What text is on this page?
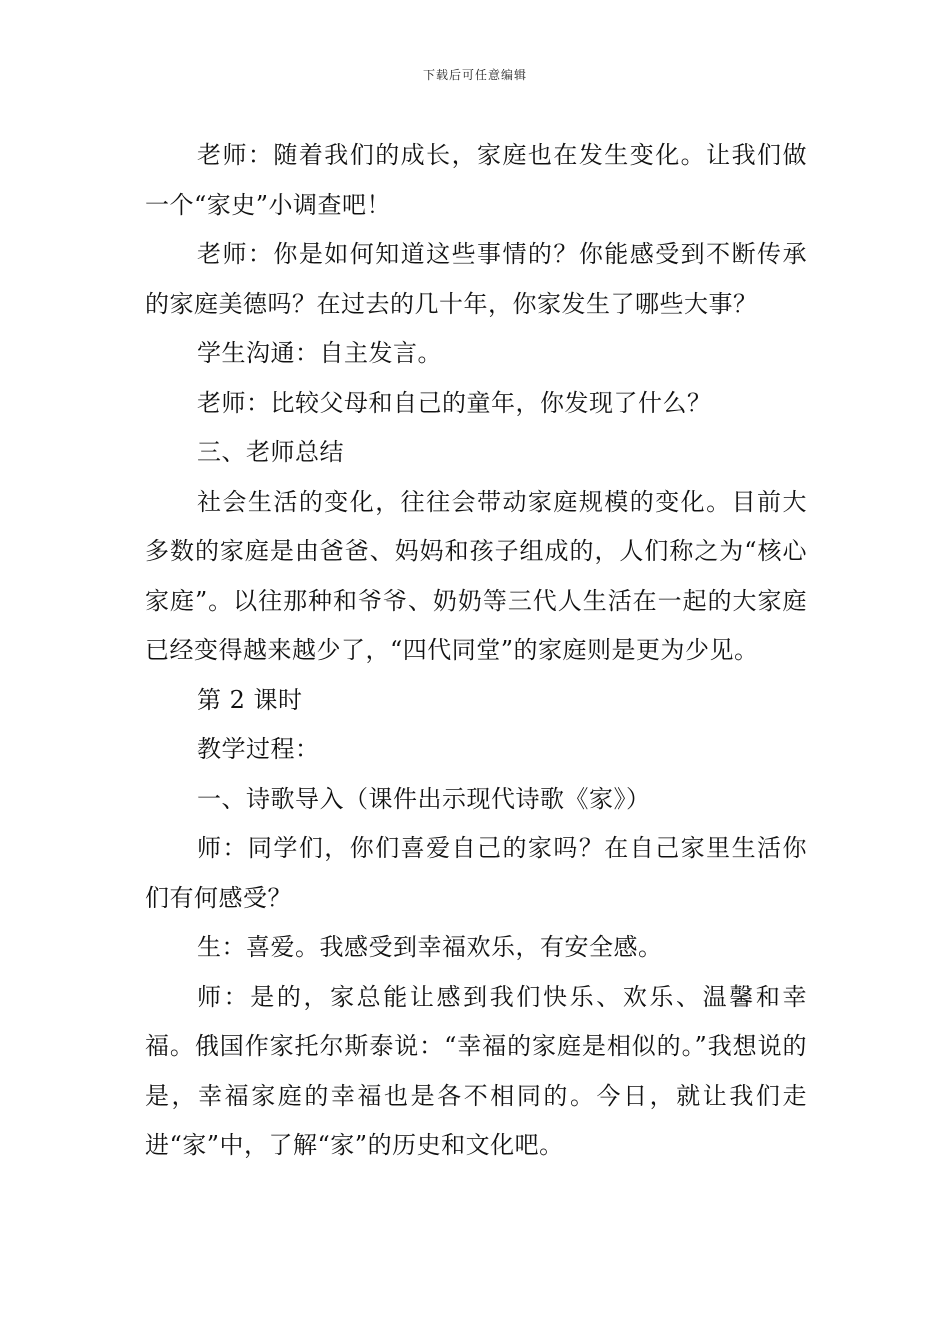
下载后可任意编辑

老师：随着我们的成长，家庭也在发生变化。让我们做一个“家史”小调查吧！

老师：你是如何知道这些事情的？你能感受到不断传承的家庭美德吗？在过去的几十年，你家发生了哪些大事？

学生沟通：自主发言。

老师：比较父母和自己的童年，你发现了什么？

三、老师总结

社会生活的变化，往往会带动家庭规模的变化。目前大多数的家庭是由爸爸、妈妈和孩子组成的，人们称之为“核心家庭”。以往那种和爷爷、奶奶等三代人生活在一起的大家庭已经变得越来越少了，“四代同堂”的家庭则是更为少见。

第 2 课时

教学过程：

一、诗歌导入（课件出示现代诗歌《家》）

师：同学们，你们喜爱自己的家吗？在自己家里生活你们有何感受？

生：喜爱。我感受到幸福欢乐，有安全感。

师：是的，家总能让感到我们快乐、欢乐、温馨和幸福。俄国作家托尔斯泰说：“幸福的家庭是相似的。”我想说的是，幸福家庭的幸福也是各不相同的。今日，就让我们走进“家”中，了解“家”的历史和文化吧。
